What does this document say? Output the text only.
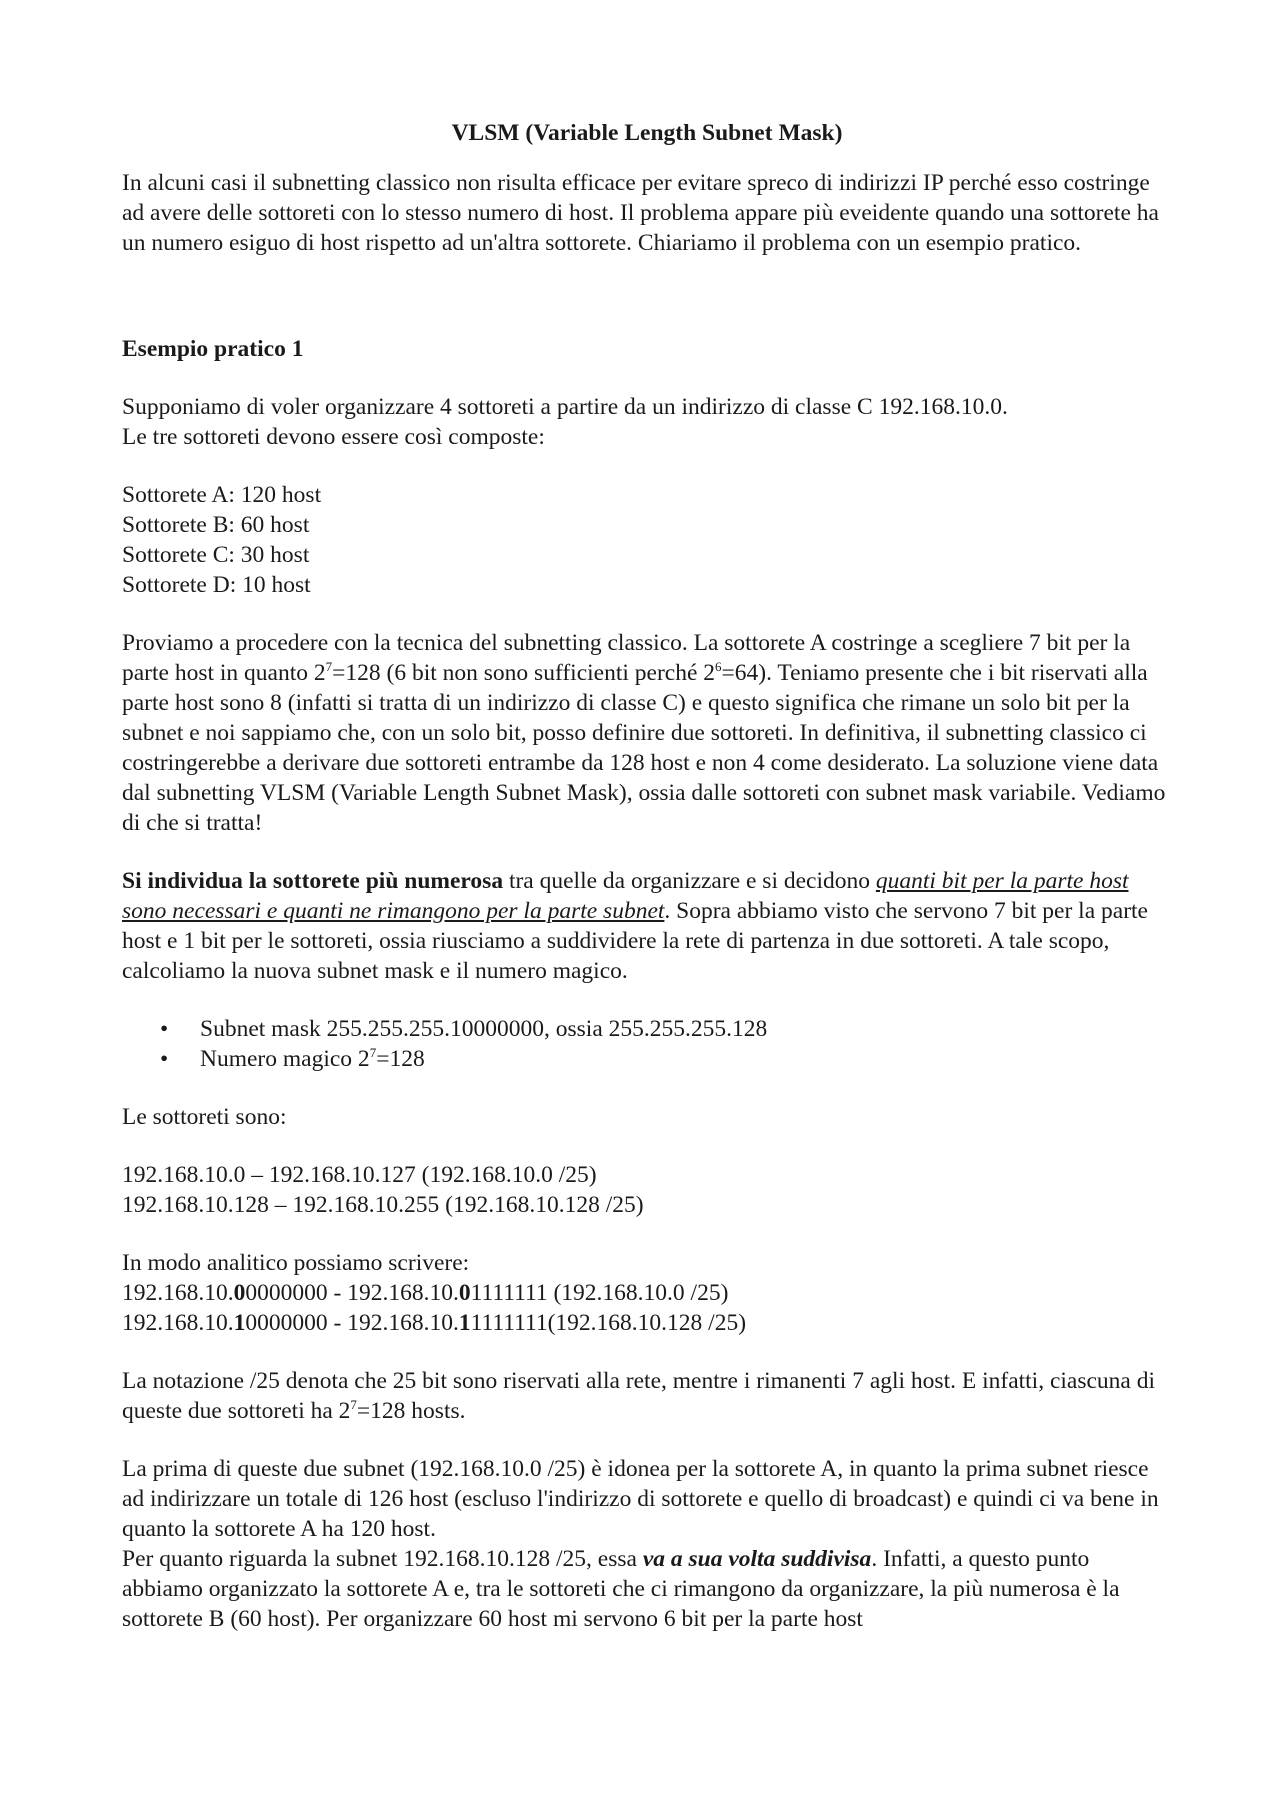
VLSM (Variable Length Subnet Mask)

In alcuni casi il subnetting classico non risulta efficace per evitare spreco di indirizzi IP perché esso costringe ad avere delle sottoreti con lo stesso numero di host. Il problema appare più eveidente quando una sottorete ha un numero esiguo di host rispetto ad un'altra sottorete. Chiariamo il problema con un esempio pratico.

Esempio pratico 1

Supponiamo di voler organizzare 4 sottoreti a partire da un indirizzo di classe C 192.168.10.0.
Le tre sottoreti devono essere così composte:

Sottorete A: 120 host
Sottorete B: 60 host
Sottorete C: 30 host
Sottorete D: 10 host

Proviamo a procedere con la tecnica del subnetting classico. La sottorete A costringe a scegliere 7 bit per la parte host in quanto $2^7=128$ (6 bit non sono sufficienti perché $2^6=64$). Teniamo presente che i bit riservati alla parte host sono 8 (infatti si tratta di un indirizzo di classe C) e questo significa che rimane un solo bit per la subnet e noi sappiamo che, con un solo bit, posso definire due sottoreti. In definitiva, il subnetting classico ci costringerebbe a derivare due sottoreti entrambe da 128 host e non 4 come desiderato. La soluzione viene data dal subnetting VLSM (Variable Length Subnet Mask), ossia dalle sottoreti con subnet mask variabile. Vediamo di che si tratta!

Si individua la sottorete più numerosa tra quelle da organizzare e si decidono quanti bit per la parte host sono necessari e quanti ne rimangono per la parte subnet. Sopra abbiamo visto che servono 7 bit per la parte host e 1 bit per le sottoreti, ossia riusciamo a suddividere la rete di partenza in due sottoreti. A tale scopo, calcoliamo la nuova subnet mask e il numero magico.

• Subnet mask 255.255.255.10000000, ossia 255.255.255.128
• Numero magico $2^7=128$

Le sottoreti sono:

192.168.10.0 – 192.168.10.127 (192.168.10.0 /25)
192.168.10.128 – 192.168.10.255 (192.168.10.128 /25)
In modo analitico possiamo scrivere:
192.168.10.00000000 - 192.168.10.01111111 (192.168.10.0 /25)
192.168.10.10000000 - 192.168.10.11111111(192.168.10.128 /25)

La notazione /25 denota che 25 bit sono riservati alla rete, mentre i rimanenti 7 agli host. E infatti, ciascuna di queste due sottoreti ha $2^7=128$ hosts.

La prima di queste due subnet (192.168.10.0 /25) è idonea per la sottorete A, in quanto la prima subnet riesce ad indirizzare un totale di 126 host (escluso l'indirizzo di sottorete e quello di broadcast) e quindi ci va bene in quanto la sottorete A ha 120 host.

Per quanto riguarda la subnet 192.168.10.128 /25, essa va a sua volta suddivisa. Infatti, a questo punto abbiamo organizzato la sottorete A e, tra le sottoreti che ci rimangono da organizzare, la più numerosa è la sottorete B (60 host). Per organizzare 60 host mi servono 6 bit per la parte host
